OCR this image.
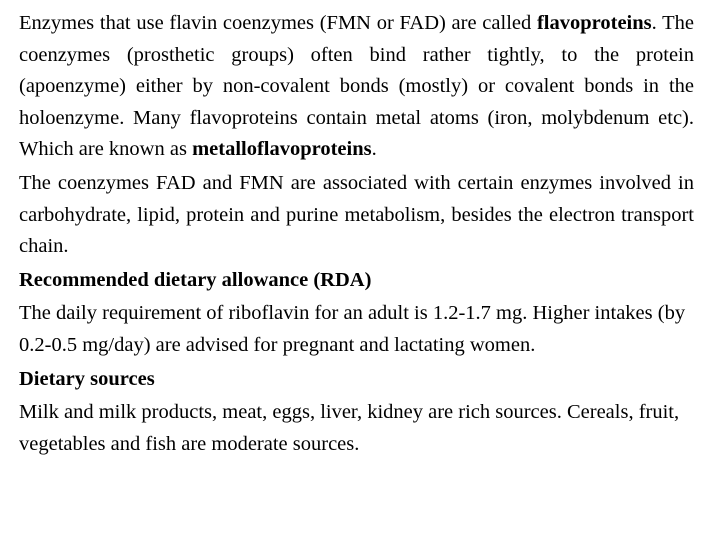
Enzymes that use flavin coenzymes (FMN or FAD) are called flavoproteins. The coenzymes (prosthetic groups) often bind rather tightly, to the protein (apoenzyme) either by non-covalent bonds (mostly) or covalent bonds in the holoenzyme. Many flavoproteins contain metal atoms (iron, molybdenum etc). Which are known as metalloflavoproteins.

The coenzymes FAD and FMN are associated with certain enzymes involved in carbohydrate, lipid, protein and purine metabolism, besides the electron transport chain.

Recommended dietary allowance (RDA)

The daily requirement of riboflavin for an adult is 1.2-1.7 mg. Higher intakes (by 0.2-0.5 mg/day) are advised for pregnant and lactating women.

Dietary sources

Milk and milk products, meat, eggs, liver, kidney are rich sources. Cereals, fruit, vegetables and fish are moderate sources.
